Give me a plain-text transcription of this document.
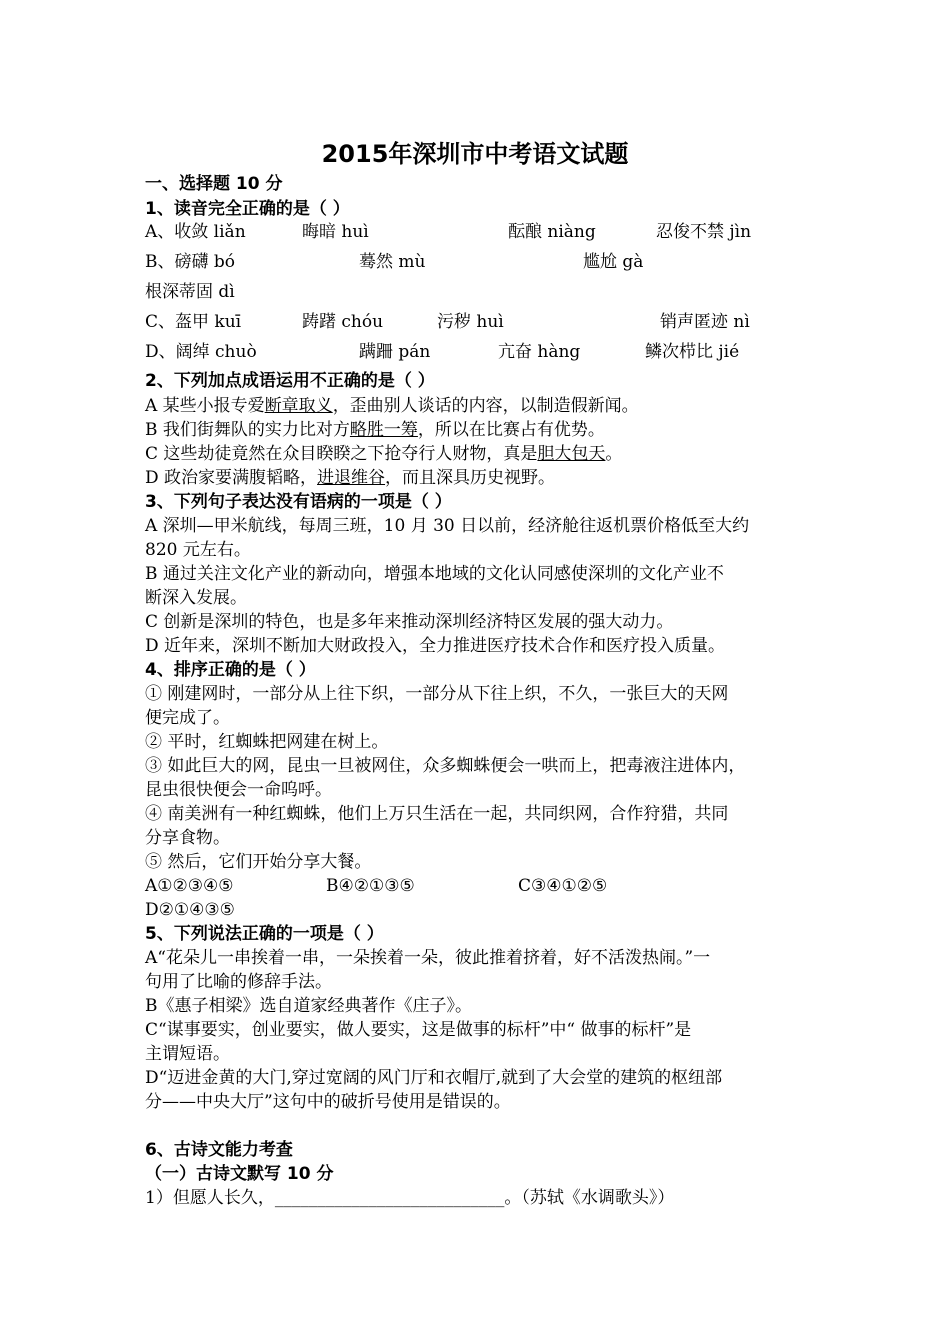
2015年深圳市中考语文试题
一、选择题 10 分
1、读音完全正确的是（ ）
A、收敛 liǎn	晦暗 huì	酝酿 niàng	忍俊不禁 jìn
B、磅礴 bó	蓦然 mù	尴尬 gà
根深蒂固 dì
C、盔甲 kuī	踌躇 chóu	污秽 huì	销声匿迹 nì
D、阔绰 chuò	蹒跚 pán	亢奋 hàng	鳞次栉比 jié
2、下列加点成语运用不正确的是（ ）
A 某些小报专爱断章取义，歪曲别人谈话的内容，以制造假新闻。
B 我们街舞队的实力比对方略胜一筹，所以在比赛占有优势。
C 这些劫徒竟然在众目睽睽之下抢夺行人财物，真是胆大包天。
D 政治家要满腹韬略，进退维谷，而且深具历史视野。
3、下列句子表达没有语病的一项是（ ）
A 深圳—甲米航线，每周三班，10 月 30 日以前，经济舱往返机票价格低至大约
820 元左右。
B 通过关注文化产业的新动向，增强本地域的文化认同感使深圳的文化产业不
断深入发展。
C 创新是深圳的特色，也是多年来推动深圳经济特区发展的强大动力。
D 近年来，深圳不断加大财政投入，全力推进医疗技术合作和医疗投入质量。
4、排序正确的是（ ）
① 刚建网时，一部分从上往下织，一部分从下往上织，不久，一张巨大的天网
便完成了。
② 平时，红蜘蛛把网建在树上。
③ 如此巨大的网，昆虫一旦被网住，众多蜘蛛便会一哄而上，把毒液注进体内，
昆虫很快便会一命呜呼。
④ 南美洲有一种红蜘蛛，他们上万只生活在一起，共同织网，合作狩猎，共同
分享食物。
⑤ 然后，它们开始分享大餐。
A①②③④⑤	B④②①③⑤	C③④①②⑤
D②①④③⑤
5、下列说法正确的一项是（ ）
A“花朵儿一串挨着一串，一朵挨着一朵，彼此推着挤着，好不活泼热闹。”一
句用了比喻的修辞手法。
B《惠子相梁》选自道家经典著作《庄子》。
C“谋事要实，创业要实，做人要实，这是做事的标杆”中“ 做事的标杆”是
主谓短语。
D“迈进金黄的大门,穿过宽阔的风门厅和衣帽厅,就到了大会堂的建筑的枢纽部
分——中央大厅”这句中的破折号使用是错误的。
6、古诗文能力考查
（一）古诗文默写 10 分
1）但愿人长久，___________________________。（苏轼《水调歌头》）
